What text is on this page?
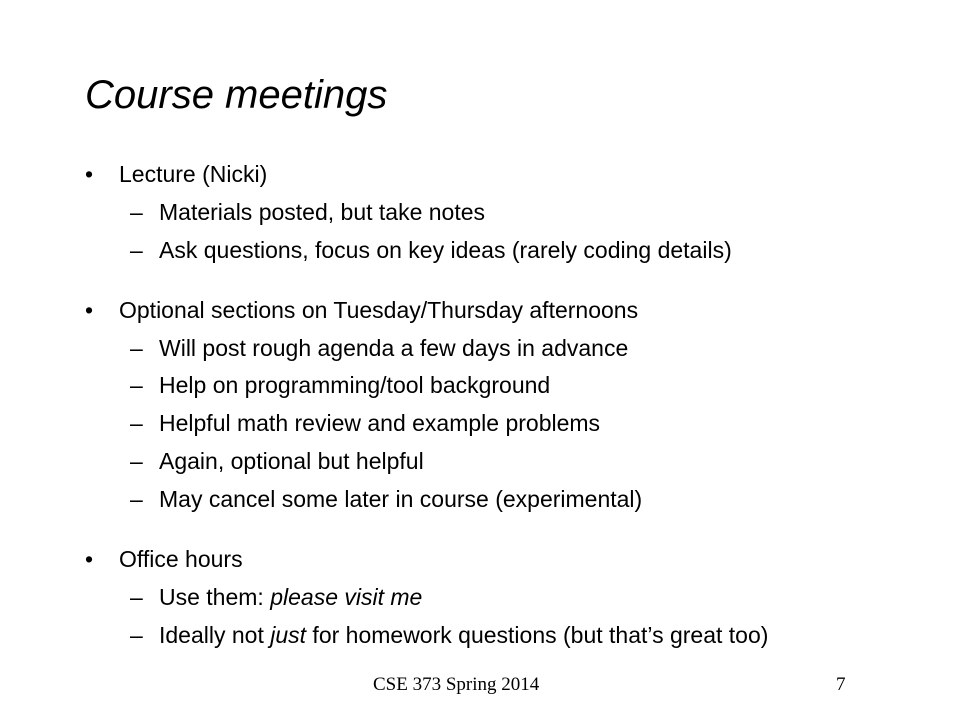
Course meetings
• Lecture (Nicki)
– Materials posted, but take notes
– Ask questions, focus on key ideas (rarely coding details)
• Optional sections on Tuesday/Thursday afternoons
– Will post rough agenda a few days in advance
– Help on programming/tool background
– Helpful math review and example problems
– Again, optional but helpful
– May cancel some later in course (experimental)
• Office hours
– Use them: please visit me
– Ideally not just for homework questions (but that’s great too)
CSE 373 Spring 2014	7
